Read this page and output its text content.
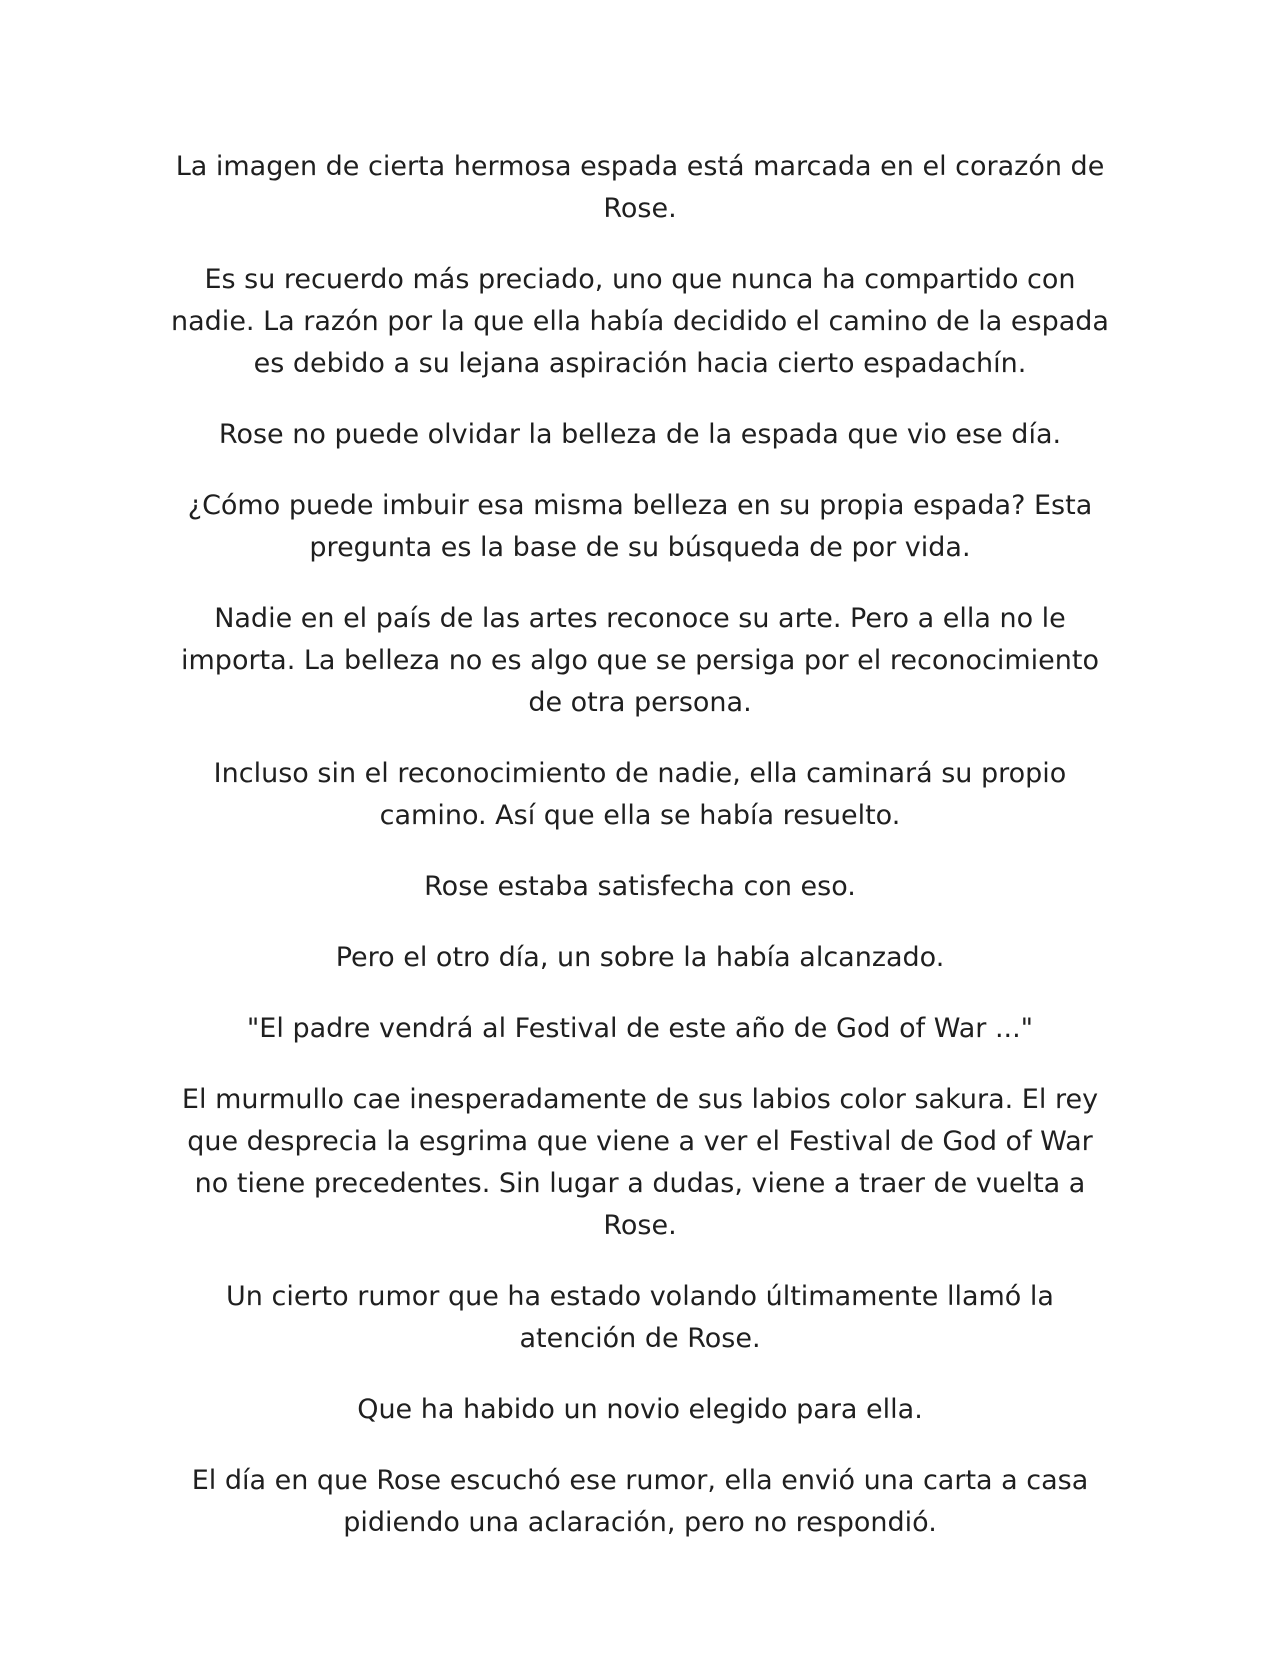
La imagen de cierta hermosa espada está marcada en el corazón de Rose.

Es su recuerdo más preciado, uno que nunca ha compartido con nadie. La razón por la que ella había decidido el camino de la espada es debido a su lejana aspiración hacia cierto espadachín.

Rose no puede olvidar la belleza de la espada que vio ese día.

¿Cómo puede imbuir esa misma belleza en su propia espada? Esta pregunta es la base de su búsqueda de por vida.

Nadie en el país de las artes reconoce su arte. Pero a ella no le importa. La belleza no es algo que se persiga por el reconocimiento de otra persona.

Incluso sin el reconocimiento de nadie, ella caminará su propio camino. Así que ella se había resuelto.

Rose estaba satisfecha con eso.

Pero el otro día, un sobre la había alcanzado.

"El padre vendrá al Festival de este año de God of War ..."

El murmullo cae inesperadamente de sus labios color sakura. El rey que desprecia la esgrima que viene a ver el Festival de God of War no tiene precedentes. Sin lugar a dudas, viene a traer de vuelta a Rose.

Un cierto rumor que ha estado volando últimamente llamó la atención de Rose.

Que ha habido un novio elegido para ella.

El día en que Rose escuchó ese rumor, ella envió una carta a casa pidiendo una aclaración, pero no respondió.
